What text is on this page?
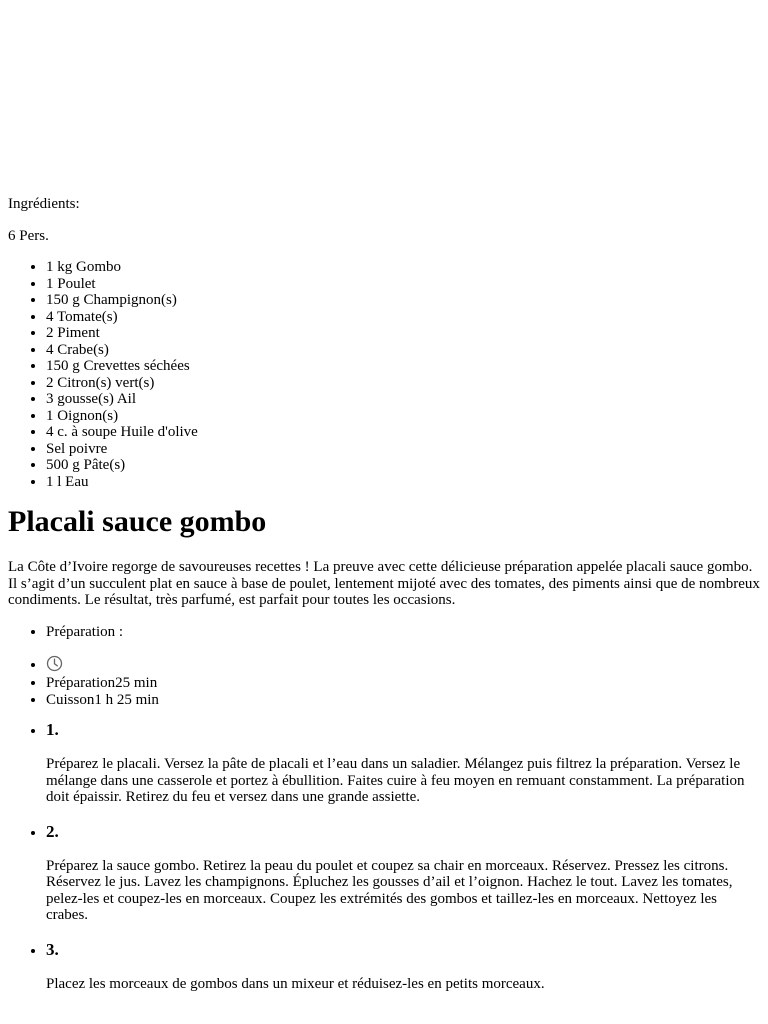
Ingrédients:

6 Pers.

• 1 kg Gombo
• 1 Poulet
• 150 g Champignon(s)
• 4 Tomate(s)
• 2 Piment
• 4 Crabe(s)
• 150 g Crevettes séchées
• 2 Citron(s) vert(s)
• 3 gousse(s) Ail
• 1 Oignon(s)
• 4 c. à soupe Huile d'olive
• Sel poivre
• 500 g Pâte(s)
• 1 l Eau
Placali sauce gombo

La Côte d’Ivoire regorge de savoureuses recettes ! La preuve avec cette délicieuse préparation appelée placali sauce gombo. Il s’agit d’un succulent plat en sauce à base de poulet, lentement mijoté avec des tomates, des piments ainsi que de nombreux condiments. Le résultat, très parfumé, est parfait pour toutes les occasions.

• Préparation :
•
• Préparation25 min
• Cuisson1 h 25 min

• 1.

Préparez le placali. Versez la pâte de placali et l’eau dans un saladier. Mélangez puis filtrez la préparation. Versez le mélange dans une casserole et portez à ébullition. Faites cuire à feu moyen en remuant constamment. La préparation doit épaissir. Retirez du feu et versez dans une grande assiette.

• 2.

Préparez la sauce gombo. Retirez la peau du poulet et coupez sa chair en morceaux. Réservez. Pressez les citrons. Réservez le jus. Lavez les champignons. Épluchez les gousses d’ail et l’oignon. Hachez le tout. Lavez les tomates, pelez-les et coupez-les en morceaux. Coupez les extrémités des gombos et taillez-les en morceaux. Nettoyez les crabes.

• 3.

Placez les morceaux de gombos dans un mixeur et réduisez-les en petits morceaux.
